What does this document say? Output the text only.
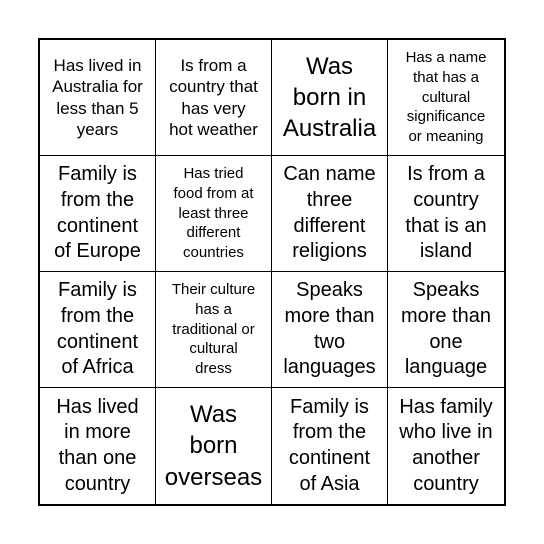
Has lived in
Australia for
less than 5
years
Is from a
country that
has very
hot weather
Was
born in
Australia
Has a name
that has a
cultural
significance
or meaning
Family is
from the
continent
of Europe
Has tried
food from at
least three
different
countries
Can name
three
different
religions
Is from a
country
that is an
island
Family is
from the
continent
of Africa
Their culture
has a
traditional or
cultural
dress
Speaks
more than
two
languages
Speaks
more than
one
language
Has lived
in more
than one
country
Was
born
overseas
Family is
from the
continent
of Asia
Has family
who live in
another
country
